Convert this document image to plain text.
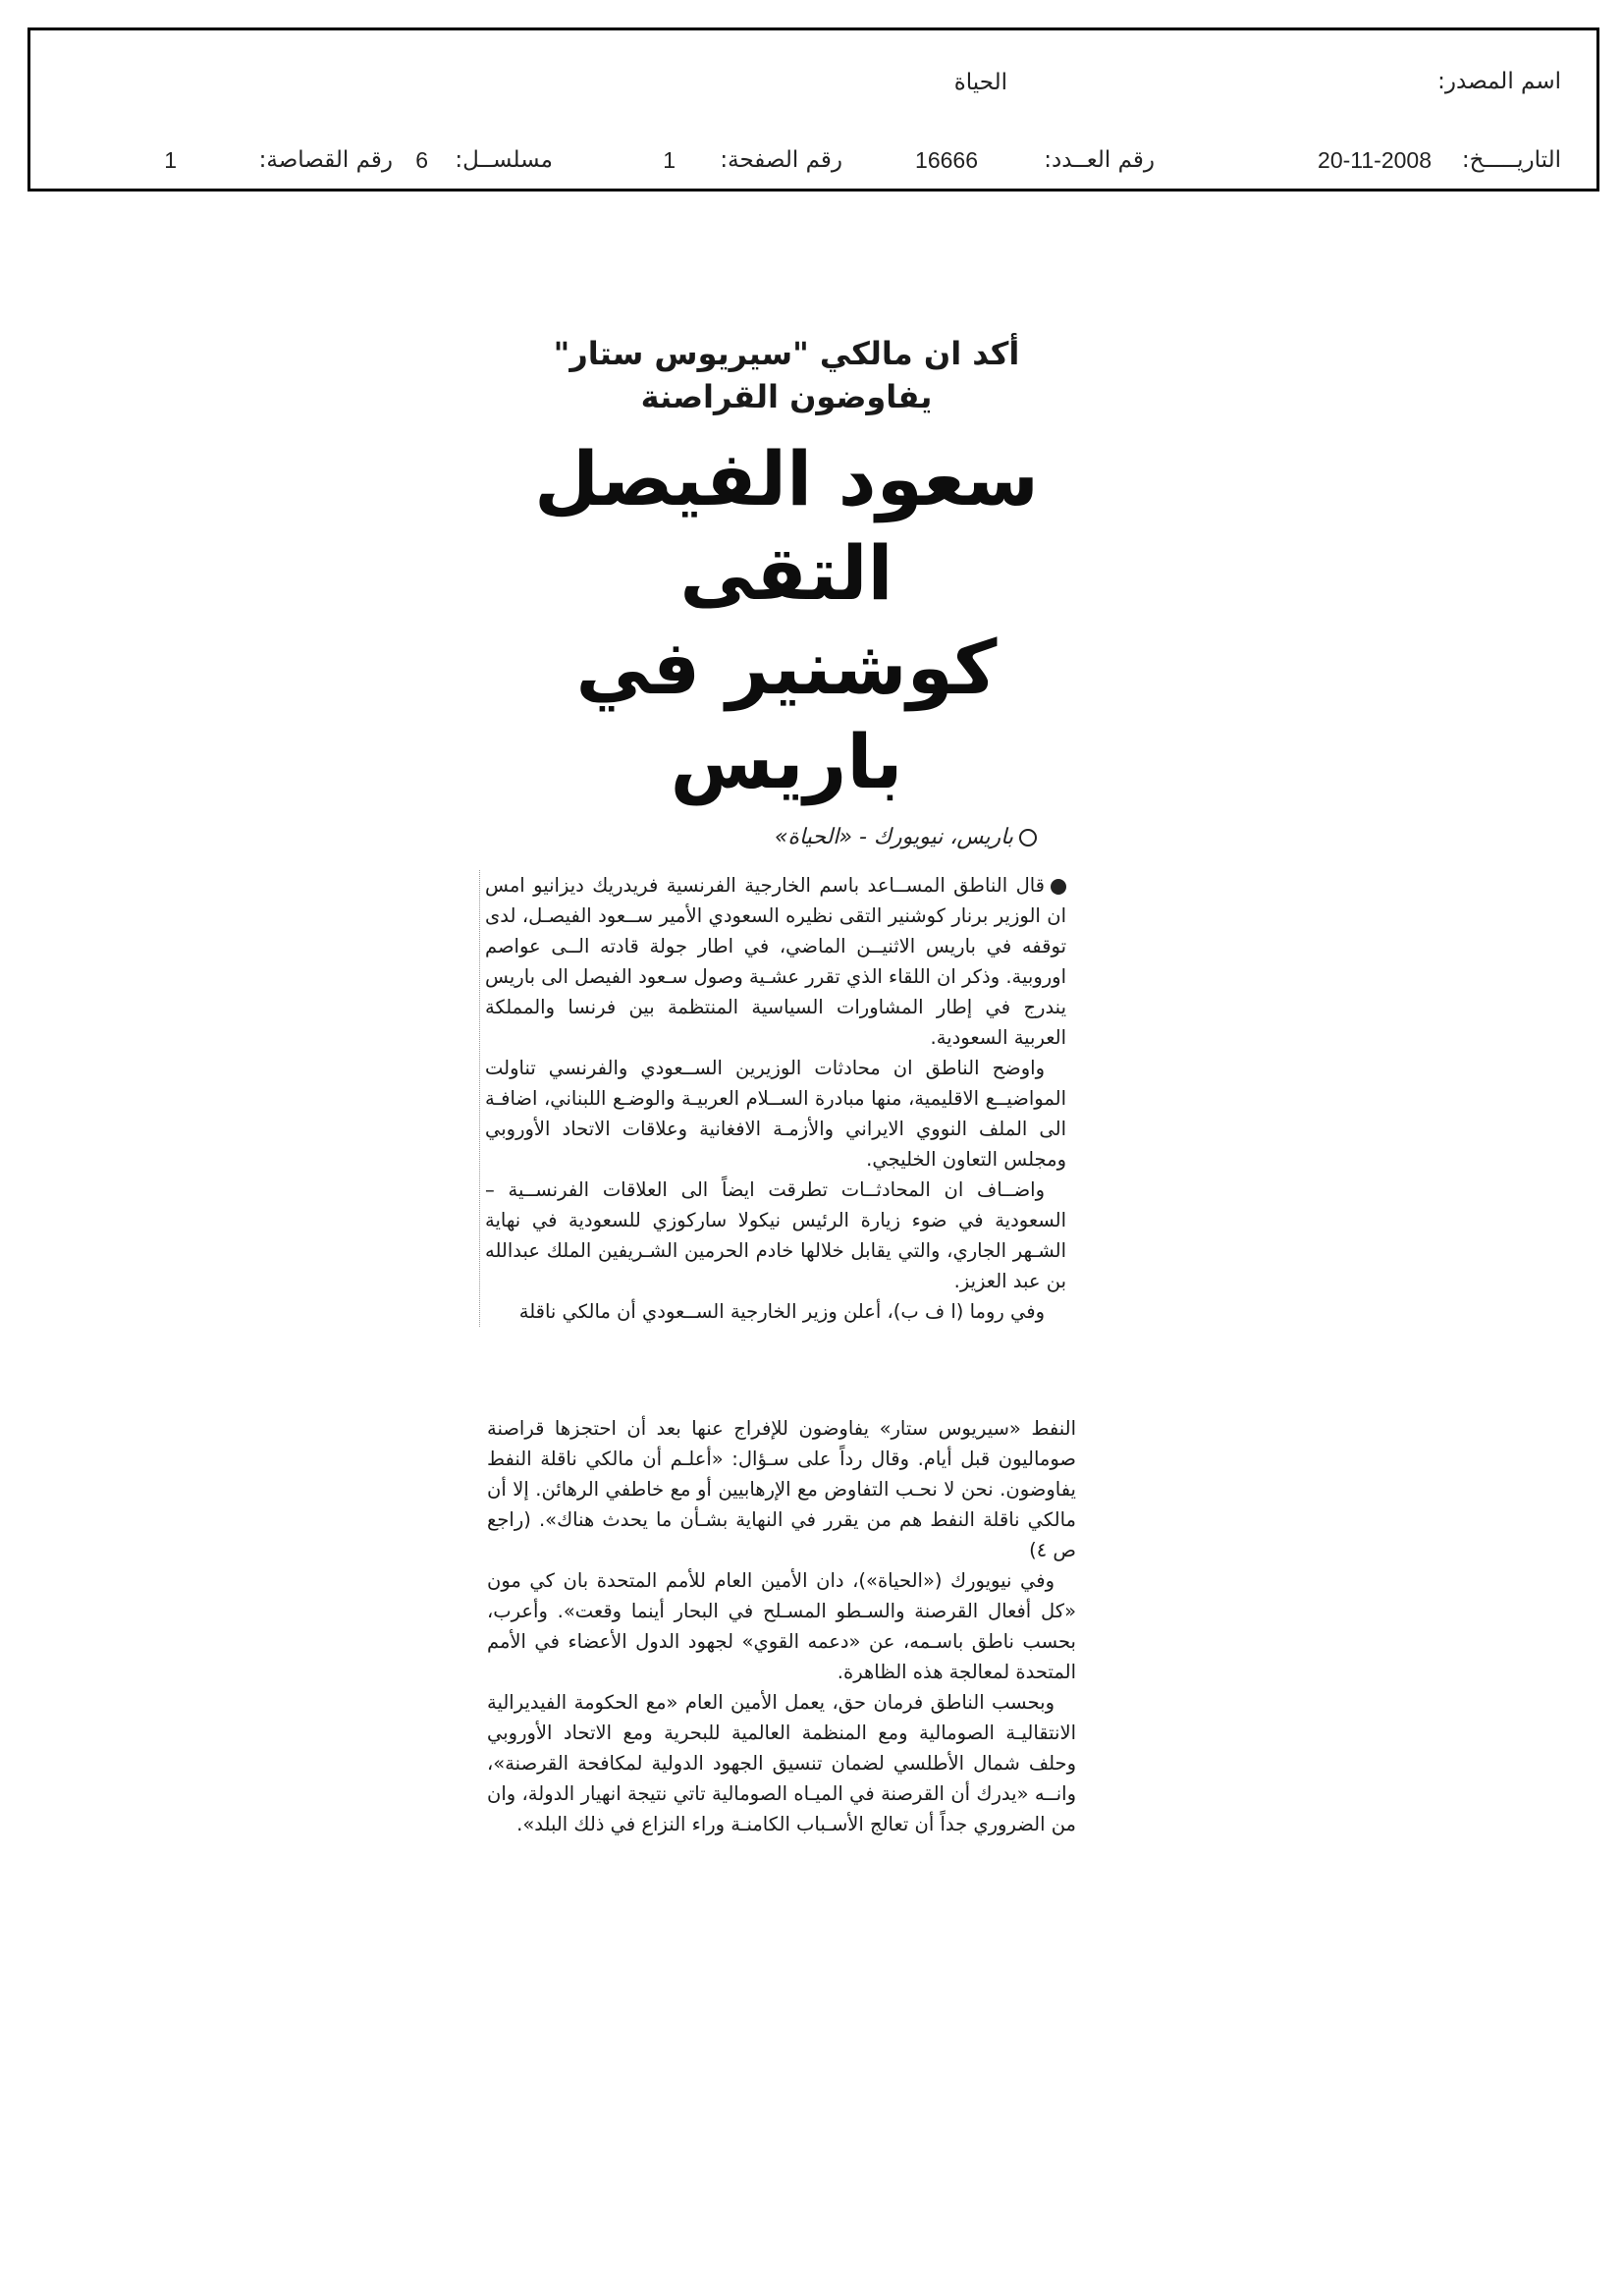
اسم المصدر:
الحياة
التاريـــــخ:
20-11-2008
رقم العــدد:
16666
رقم الصفحة:
1
مسلســل:
6
رقم القصاصة:
1
أكد ان مالكي "سيريوس ستار" يفاوضون القراصنة
سعود الفيصل التقى
كوشنير في باريس
باريس، نيويورك - «الحياة»

قال الناطق المســاعد باسم الخارجية الفرنسية فريدريك ديزانيو امس ان الوزير برنار كوشنير التقى نظيره السعودي الأمير ســعود الفيصـل، لدى توقفه في باريس الاثنيــن الماضي، في اطار جولة قادته الــى عواصم اوروبية. وذكر ان اللقاء الذي تقرر عشـية وصول سـعود الفيصل الى باريس يندرج في إطار المشاورات السياسية المنتظمة بين فرنسا والمملكة العربية السعودية.

واوضح الناطق ان محادثات الوزيرين الســعودي والفرنسي تناولت المواضيــع الاقليمية، منها مبادرة الســلام العربيـة والوضـع اللبناني، اضافـة الى الملف النووي الايراني والأزمـة الافغانية وعلاقات الاتحاد الأوروبي ومجلس التعاون الخليجي.

واضــاف ان المحادثــات تطرقت ايضاً الى العلاقات الفرنســية – السعودية في ضوء زيارة الرئيس نيكولا ساركوزي للسعودية في نهاية الشـهر الجاري، والتي يقابل خلالها خادم الحرمين الشـريفين الملك عبدالله بن عبد العزيز.

وفي روما (ا ف ب)، أعلن وزير الخارجية الســعودي أن مالكي ناقلة

النفط «سيريوس ستار» يفاوضون للإفراج عنها بعد أن احتجزها قراصنة صوماليون قبل أيام. وقال رداً على سـؤال: «أعلـم أن مالكي ناقلة النفط يفاوضون. نحن لا نحـب التفاوض مع الإرهابيين أو مع خاطفي الرهائن. إلا أن مالكي ناقلة النفط هم من يقرر في النهاية بشـأن ما يحدث هناك». (راجع ص ٤)

وفي نيويورك («الحياة»)، دان الأمين العام للأمم المتحدة بان كي مون «كل أفعال القرصنة والسـطو المسـلح في البحار أينما وقعت». وأعرب، بحسب ناطق باسـمه، عن «دعمه القوي» لجهود الدول الأعضاء في الأمم المتحدة لمعالجة هذه الظاهرة.

وبحسب الناطق فرمان حق، يعمل الأمين العام «مع الحكومة الفيديرالية الانتقاليـة الصومالية ومع المنظمة العالمية للبحرية ومع الاتحاد الأوروبي وحلف شمال الأطلسي لضمان تنسيق الجهود الدولية لمكافحة القرصنة»، وانــه «يدرك أن القرصنة في الميـاه الصومالية تاتي نتيجة انهيار الدولة، وان من الضروري جداً أن تعالج الأسـباب الكامنـة وراء النزاع في ذلك البلد».
